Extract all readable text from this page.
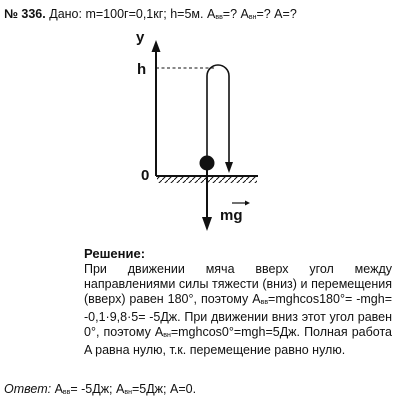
№ 336. Дано: m=100г=0,1кг; h=5м. Aвв=? Aвн=? A=?
y
h
0
mg
Решение:

При движении мяча вверх угол между направлениями силы тяжести (вниз) и перемещения (вверх) равен 180°, поэтому Aвв=mghcos180°= -mgh= -0,1·9,8·5= -5Дж. При движении вниз этот угол равен 0°, поэтому Aвн=mghcos0°=mgh=5Дж. Полная работа A равна нулю, т.к. перемещение равно нулю.

Ответ: Aвв= -5Дж; Aвн=5Дж; A=0.
